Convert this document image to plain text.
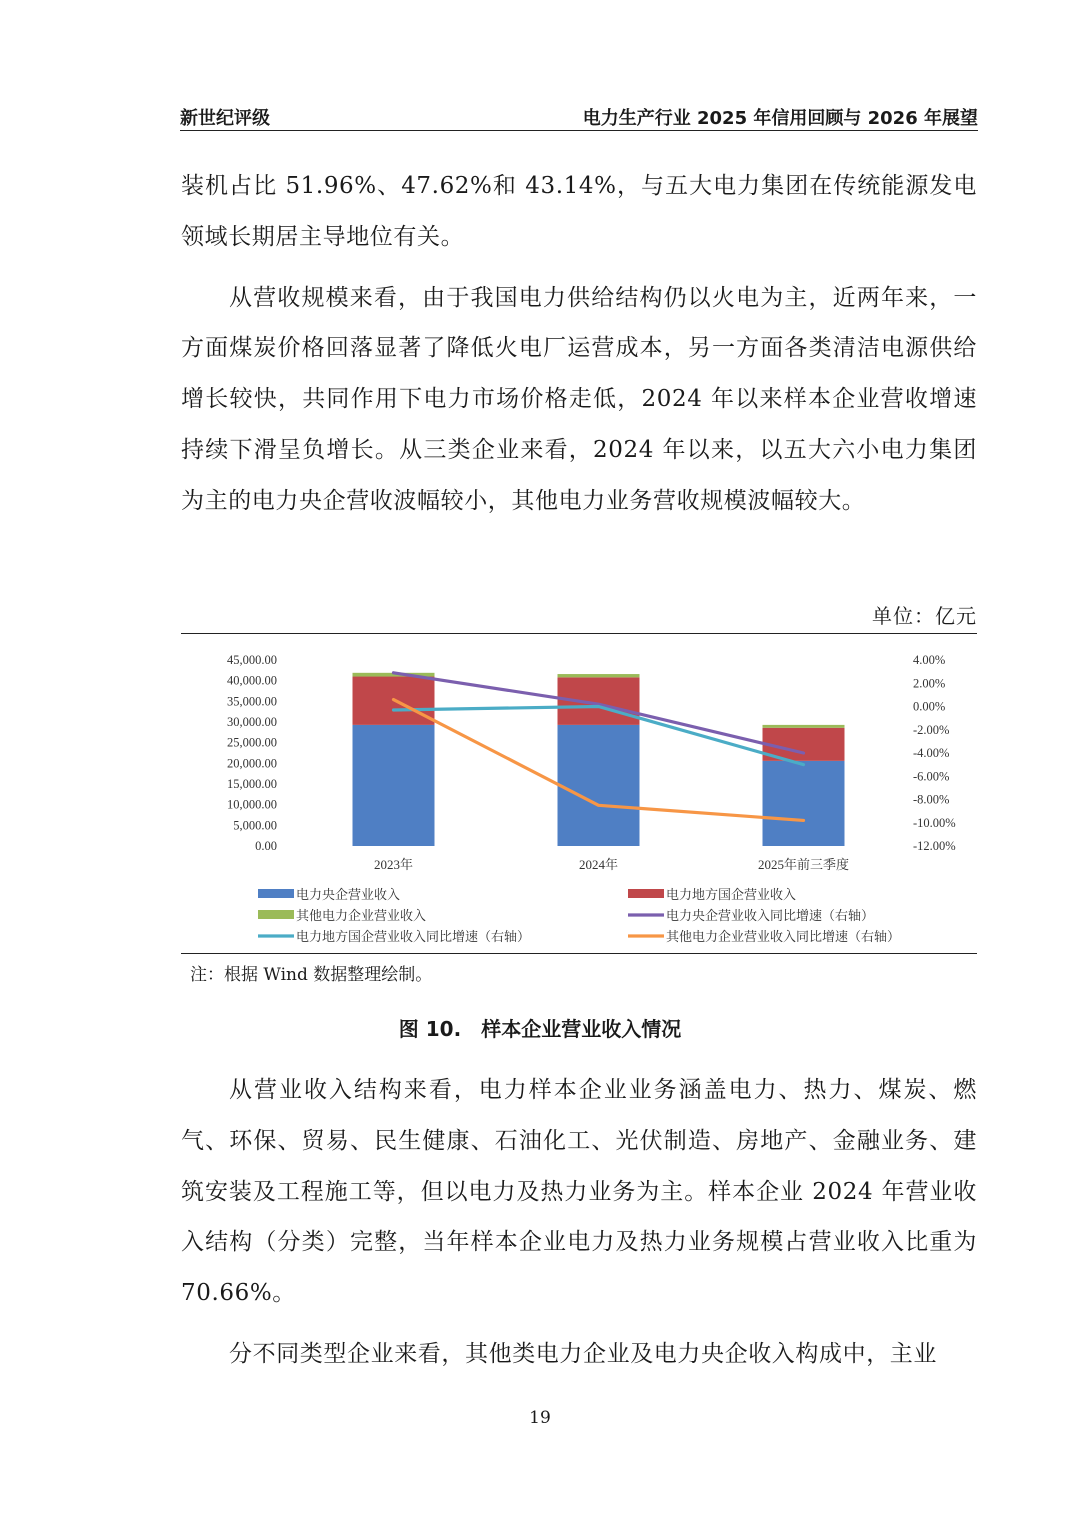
新世纪评级	电力生产行业 2025 年信用回顾与 2026 年展望

装机占比 51.96%、47.62%和 43.14%，与五大电力集团在传统能源发电领域长期居主导地位有关。

从营收规模来看，由于我国电力供给结构仍以火电为主，近两年来，一方面煤炭价格回落显著了降低火电厂运营成本，另一方面各类清洁电源供给增长较快，共同作用下电力市场价格走低，2024 年以来样本企业营收增速持续下滑呈负增长。从三类企业来看，2024 年以来，以五大六小电力集团为主的电力央企营收波幅较小，其他电力业务营收规模波幅较大。

单位：亿元
45,000.00
40,000.00
35,000.00
30,000.00
25,000.00
20,000.00
15,000.00
10,000.00
5,000.00
0.00
4.00%
2.00%
0.00%
-2.00%
-4.00%
-6.00%
-8.00%
-10.00%
-12.00%
2023年	2024年	2025年前三季度
电力央企营业收入	电力地方国企营业收入
其他电力企业营业收入	电力央企营业收入同比增速（右轴）
电力地方国企营业收入同比增速（右轴）	其他电力企业营业收入同比增速（右轴）
注：根据 Wind 数据整理绘制。
图 10.　样本企业营业收入情况

从营业收入结构来看，电力样本企业业务涵盖电力、热力、煤炭、燃气、环保、贸易、民生健康、石油化工、光伏制造、房地产、金融业务、建筑安装及工程施工等，但以电力及热力业务为主。样本企业 2024 年营业收入结构（分类）完整，当年样本企业电力及热力业务规模占营业收入比重为 70.66%。

分不同类型企业来看，其他类电力企业及电力央企收入构成中，主业

19
